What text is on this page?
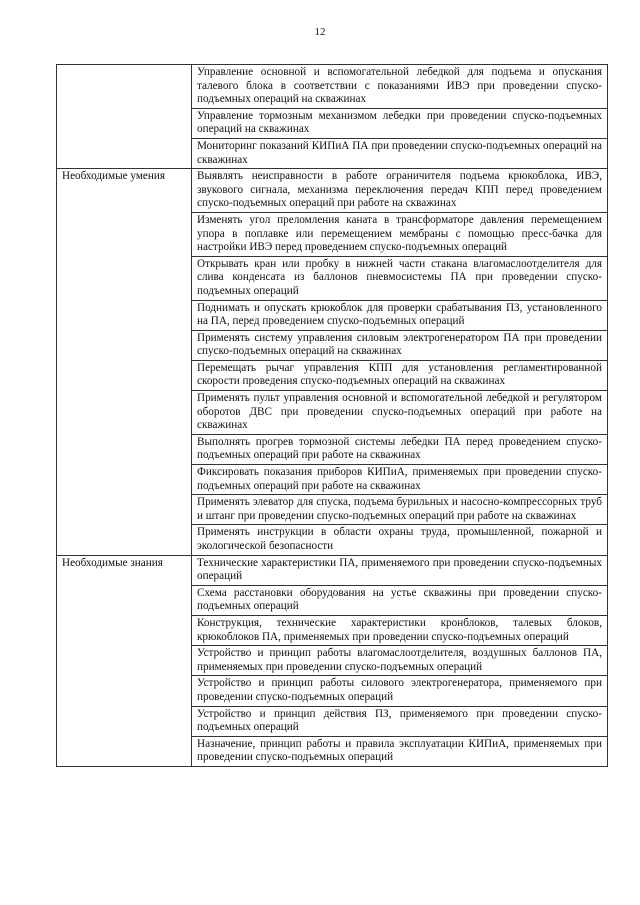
12
	Управление основной и вспомогательной лебедкой для подъема и опускания талевого блока в соответствии с показаниями ИВЭ при проведении спуско-подъемных операций на скважинах
	Управление тормозным механизмом лебедки при проведении спуско-подъемных операций на скважинах
	Мониторинг показаний КИПиА ПА при проведении спуско-подъемных операций на скважинах
Необходимые умения	Выявлять неисправности в работе ограничителя подъема крюкоблока, ИВЭ, звукового сигнала, механизма переключения передач КПП перед проведением спуско-подъемных операций при работе на скважинах
	Изменять угол преломления каната в трансформаторе давления перемещением упора в поплавке или перемещением мембраны с помощью пресс-бачка для настройки ИВЭ перед проведением спуско-подъемных операций
	Открывать кран или пробку в нижней части стакана влагомаслоотделителя для слива конденсата из баллонов пневмосистемы ПА при проведении спуско-подъемных операций
	Поднимать и опускать крюкоблок для проверки срабатывания ПЗ, установленного на ПА, перед проведением спуско-подъемных операций
	Применять систему управления силовым электрогенератором ПА при проведении спуско-подъемных операций на скважинах
	Перемещать рычаг управления КПП для установления регламентированной скорости проведения спуско-подъемных операций на скважинах
	Применять пульт управления основной и вспомогательной лебедкой и регулятором оборотов ДВС при проведении спуско-подъемных операций при работе на скважинах
	Выполнять прогрев тормозной системы лебедки ПА перед проведением спуско-подъемных операций при работе на скважинах
	Фиксировать показания приборов КИПиА, применяемых при проведении спуско-подъемных операций при работе на скважинах
	Применять элеватор для спуска, подъема бурильных и насосно-компрессорных труб и штанг при проведении спуско-подъемных операций при работе на скважинах
	Применять инструкции в области охраны труда, промышленной, пожарной и экологической безопасности
Необходимые знания	Технические характеристики ПА, применяемого при проведении спуско-подъемных операций
	Схема расстановки оборудования на устье скважины при проведении спуско-подъемных операций
	Конструкция, технические характеристики кронблоков, талевых блоков, крюкоблоков ПА, применяемых при проведении спуско-подъемных операций
	Устройство и принцип работы влагомаслоотделителя, воздушных баллонов ПА, применяемых при проведении спуско-подъемных операций
	Устройство и принцип работы силового электрогенератора, применяемого при проведении спуско-подъемных операций
	Устройство и принцип действия ПЗ, применяемого при проведении спуско-подъемных операций
	Назначение, принцип работы и правила эксплуатации КИПиА, применяемых при проведении спуско-подъемных операций
